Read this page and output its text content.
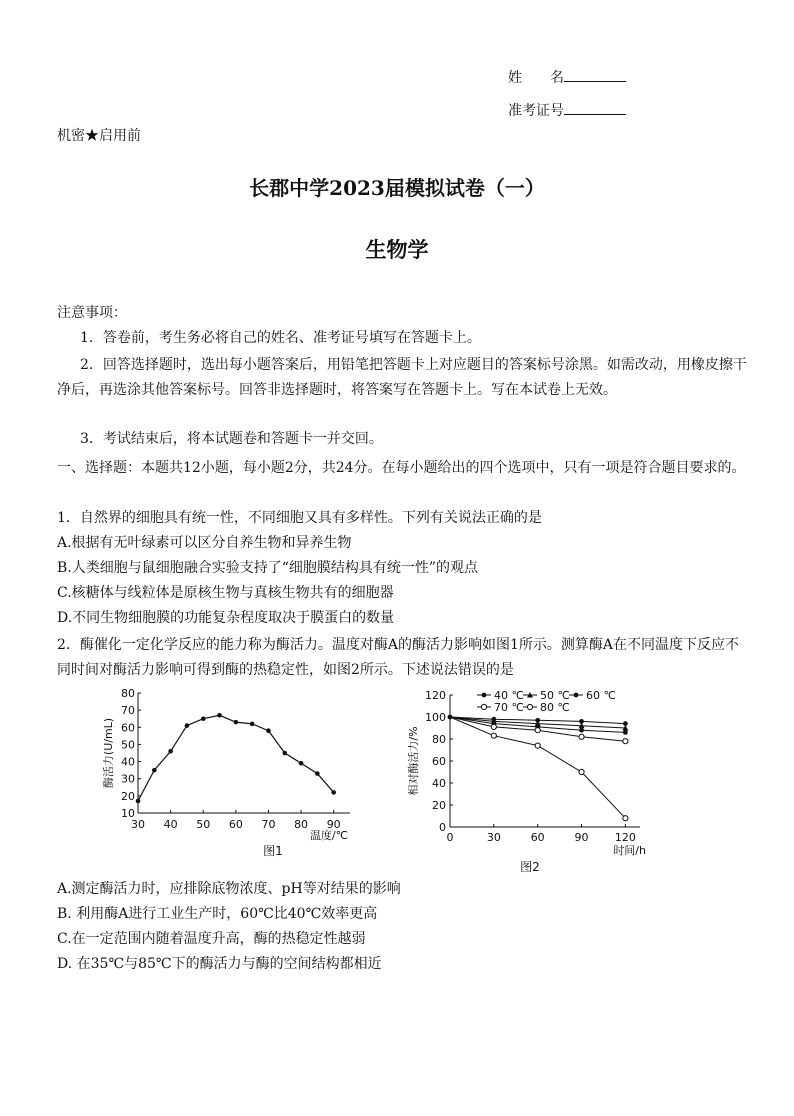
姓　　名
准考证号
机密★启用前
长郡中学2023届模拟试卷（一）
生物学
注意事项：
1．答卷前，考生务必将自己的姓名、准考证号填写在答题卡上。
2．回答选择题时，选出每小题答案后，用铅笔把答题卡上对应题目的答案标号涂黑。如需改动，用橡皮擦干净后，再选涂其他答案标号。回答非选择题时，将答案写在答题卡上。写在本试卷上无效。
3．考试结束后，将本试题卷和答题卡一并交回。
一、选择题：本题共12小题，每小题2分，共24分。在每小题给出的四个选项中，只有一项是符合题目要求的。
1．自然界的细胞具有统一性，不同细胞又具有多样性。下列有关说法正确的是
A.根据有无叶绿素可以区分自养生物和异养生物
B.人类细胞与鼠细胞融合实验支持了“细胞膜结构具有统一性”的观点
C.核糖体与线粒体是原核生物与真核生物共有的细胞器
D.不同生物细胞膜的功能复杂程度取决于膜蛋白的数量
2．酶催化一定化学反应的能力称为酶活力。温度对酶A的酶活力影响如图1所示。测算酶A在不同温度下反应不同时间对酶活力影响可得到酶的热稳定性，如图2所示。下述说法错误的是
10
20
30
40
50
60
70
80
30 40 50 60 70 80 90
酶活力(U/mL)
温度/℃
图1
0
20
40
60
80
100
120
0	30	60	90 120
40 ℃ 50 ℃ 60 ℃
70 ℃ 80 ℃
相对酶活力/%
时间/h
图2
A.测定酶活力时，应排除底物浓度、pH等对结果的影响
B. 利用酶A进行工业生产时，60℃比40℃效率更高
C.在一定范围内随着温度升高，酶的热稳定性越弱
D. 在35℃与85℃下的酶活力与酶的空间结构都相近
